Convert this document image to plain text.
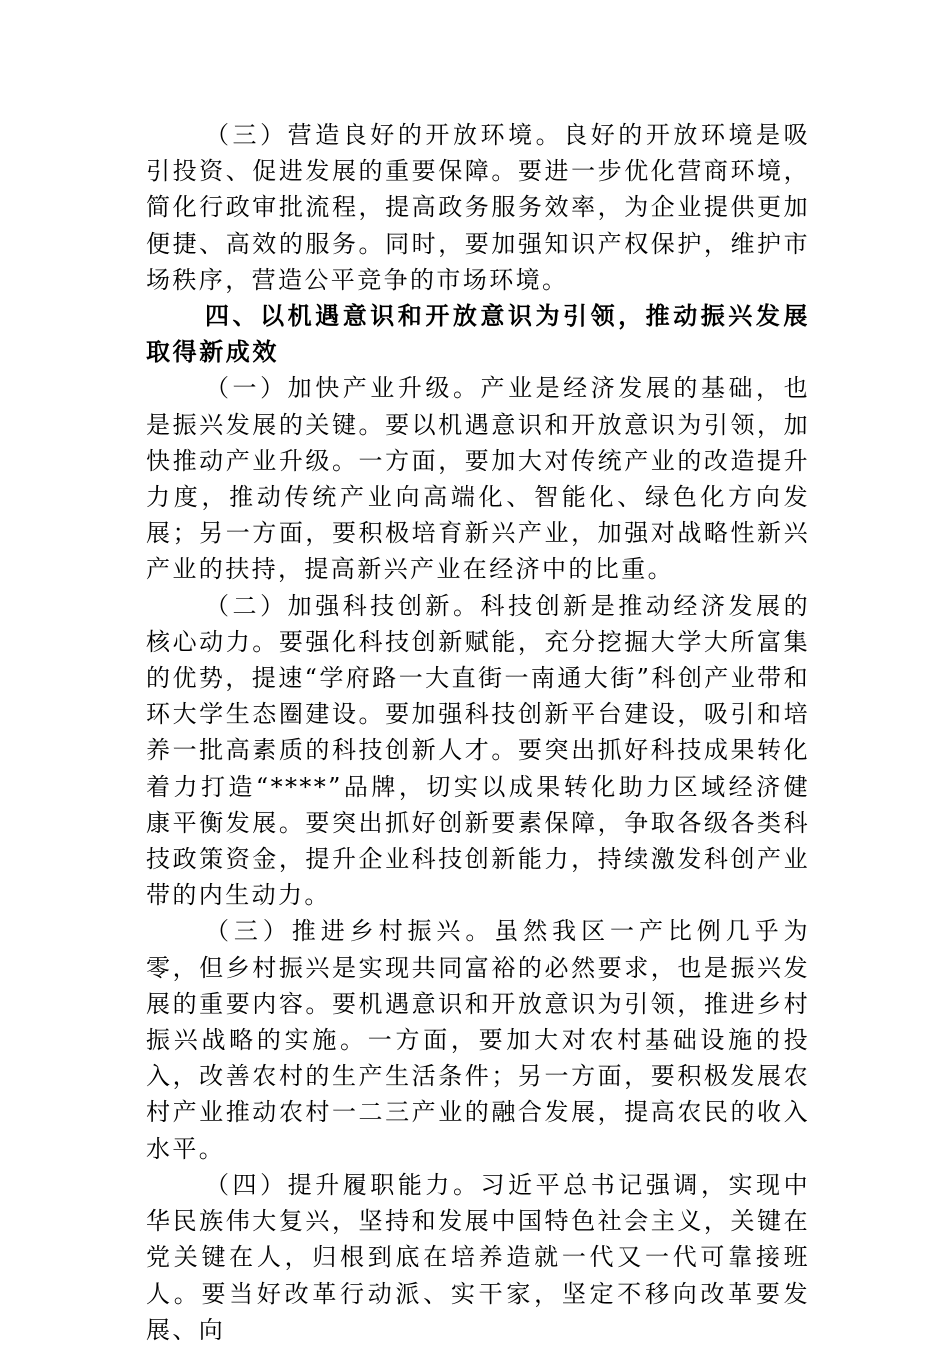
（三）营造良好的开放环境。良好的开放环境是吸引投资、促进发展的重要保障。要进一步优化营商环境，简化行政审批流程，提高政务服务效率，为企业提供更加便捷、高效的服务。同时，要加强知识产权保护，维护市场秩序，营造公平竞争的市场环境。

四、以机遇意识和开放意识为引领，推动振兴发展取得新成效

（一）加快产业升级。产业是经济发展的基础，也是振兴发展的关键。要以机遇意识和开放意识为引领，加快推动产业升级。一方面，要加大对传统产业的改造提升力度，推动传统产业向高端化、智能化、绿色化方向发展；另一方面，要积极培育新兴产业，加强对战略性新兴产业的扶持，提高新兴产业在经济中的比重。

（二）加强科技创新。科技创新是推动经济发展的核心动力。要强化科技创新赋能，充分挖掘大学大所富集的优势，提速“学府路一大直街一南通大街”科创产业带和环大学生态圈建设。要加强科技创新平台建设，吸引和培养一批高素质的科技创新人才。要突出抓好科技成果转化着力打造“****”品牌，切实以成果转化助力区域经济健康平衡发展。要突出抓好创新要素保障，争取各级各类科技政策资金，提升企业科技创新能力，持续激发科创产业带的内生动力。

（三）推进乡村振兴。虽然我区一产比例几乎为零，但乡村振兴是实现共同富裕的必然要求，也是振兴发展的重要内容。要机遇意识和开放意识为引领，推进乡村振兴战略的实施。一方面，要加大对农村基础设施的投入，改善农村的生产生活条件；另一方面，要积极发展农村产业推动农村一二三产业的融合发展，提高农民的收入水平。

（四）提升履职能力。习近平总书记强调，实现中华民族伟大复兴，坚持和发展中国特色社会主义，关键在党关键在人，归根到底在培养造就一代又一代可靠接班人。要当好改革行动派、实干家，坚定不移向改革要发展、向
